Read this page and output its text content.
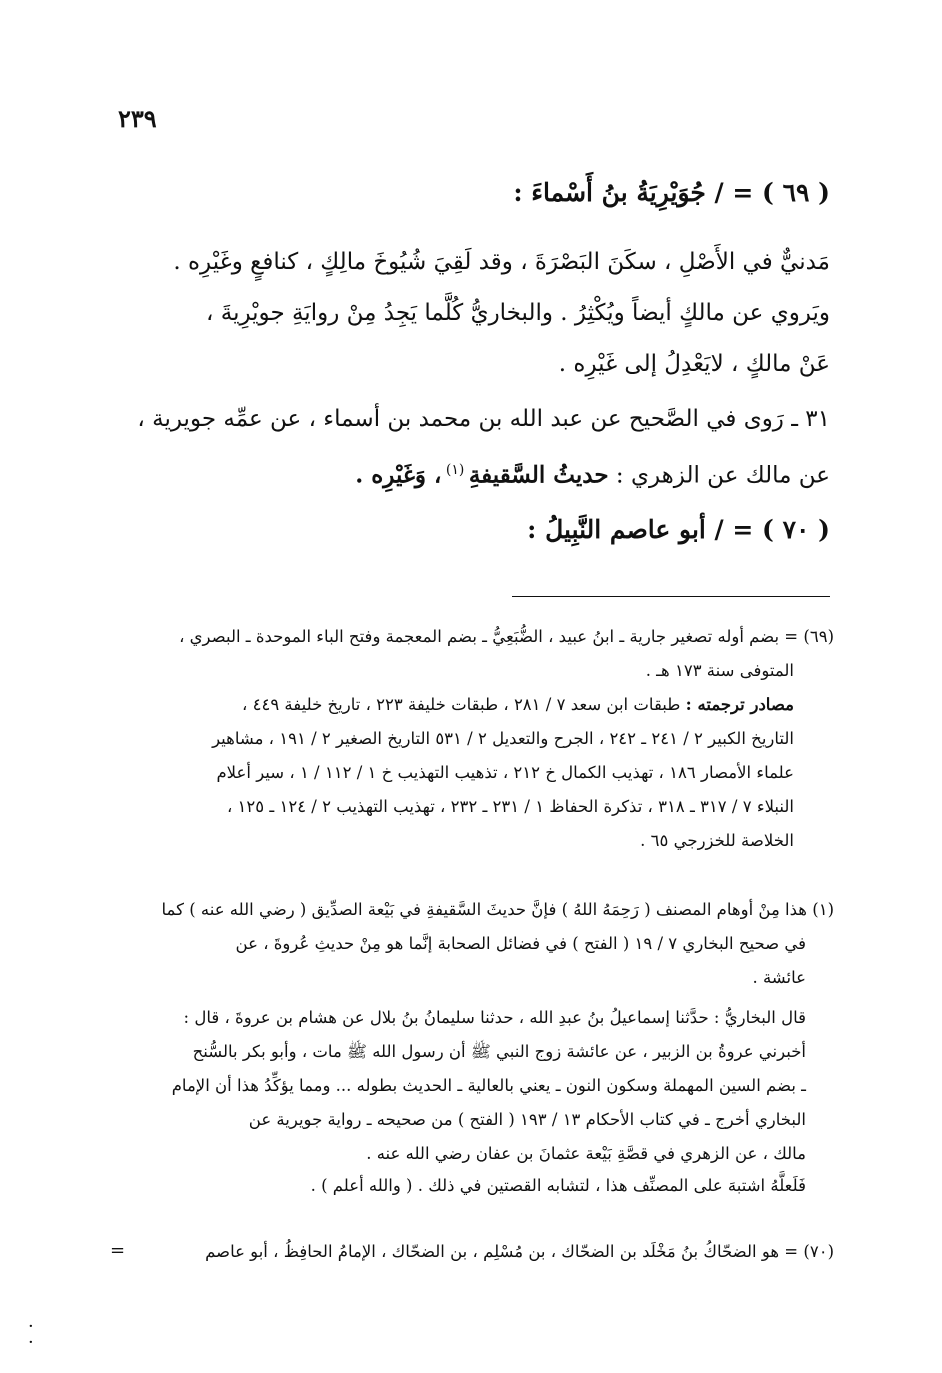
٢٣٩
( ٦٩ ) = / جُوَيْرِيَةُ بنُ أَسْماءَ :
مَدنيٌّ في الأَصْلِ ، سكَنَ البَصْرَةَ ، وقد لَقِيَ شُيُوخَ مالِكٍ ، كنافعٍ وغَيْرِه .
ويَروي عن مالكٍ أيضاً ويُكْثِرُ . والبخاريُّ كُلَّما يَجِدُ مِنْ روايَةِ جويْرِيةَ ،
عَنْ مالكٍ ، لايَعْدِلُ إلى غَيْرِه .
٣١ ـ رَوى في الصَّحيح عن عبد الله بن محمد بن أسماء ، عن عمِّه جويرية ،
عن مالك عن الزهري : حديثُ السَّقيفةِ $^{(١)}$ ، وَغَيْرِه .
( ٧٠ ) = / أبو عاصم النَّبِيلُ :

(٦٩) = بضم أوله تصغير جارية ـ ابنُ عبيد ، الضُّبَعِيُّ ـ بضم المعجمة وفتح الباء الموحدة ـ البصري ،

المتوفى سنة ١٧٣ هـ .

مصادر ترجمته : طبقات ابن سعد ٧ / ٢٨١ ، طبقات خليفة ٢٢٣ ، تاريخ خليفة ٤٤٩ ،

التاريخ الكبير ٢ / ٢٤١ ـ ٢٤٢ ، الجرح والتعديل ٢ / ٥٣١ التاريخ الصغير ٢ / ١٩١ ، مشاهير

علماء الأمصار ١٨٦ ، تهذيب الكمال خ ٢١٢ ، تذهيب التهذيب خ ١ / ١١٢ / ١ ، سير أعلام

النبلاء ٧ / ٣١٧ ـ ٣١٨ ، تذكرة الحفاظ ١ / ٢٣١ ـ ٢٣٢ ، تهذيب التهذيب ٢ / ١٢٤ ـ ١٢٥ ،

الخلاصة للخزرجي ٦٥ .

(١) هذا مِنْ أوهام المصنف ( رَحِمَهُ اللهُ ) فإنَّ حديثَ السَّقيفةِ في بَيْعة الصدِّيق ( رضي الله عنه ) كما

في صحيح البخاري ٧ / ١٩ ( الفتح ) في فضائل الصحابة إنَّما هو مِنْ حديثِ عُروةَ ، عن

عائشة .

قال البخاريُّ : حدَّثنا إسماعيلُ بنُ عبدِ الله ، حدثنا سليمانُ بنُ بلال عن هشام بن عروةَ ، قال :

أخبرني عروةُ بن الزبير ، عن عائشة زوج النبي ﷺ أن رسول الله ﷺ مات ، وأبو بكر بالسُّنح

ـ بضم السين المهملة وسكون النون ـ يعني بالعالية ـ الحديث بطوله ... ومما يؤكِّدُ هذا أن الإمام

البخاري أخرج ـ في كتاب الأحكام ١٣ / ١٩٣ ( الفتح ) من صحيحه ـ رواية جويرية عن

مالك ، عن الزهري في قصَّةِ بَيْعة عثمانَ بن عفان رضي الله عنه .

فَلَعلَّهُ اشتبهَ على المصنِّف هذا ، لتشابه القصتين في ذلك . ( والله أعلم ) .

(٧٠) = هو الضحّاكُ بنُ مَخْلَد بن الضحّاك ، بن مُسْلِم ، بن الضحّاك ، الإمامُ الحافِظُ ، أبو عاصم
=
·
·
